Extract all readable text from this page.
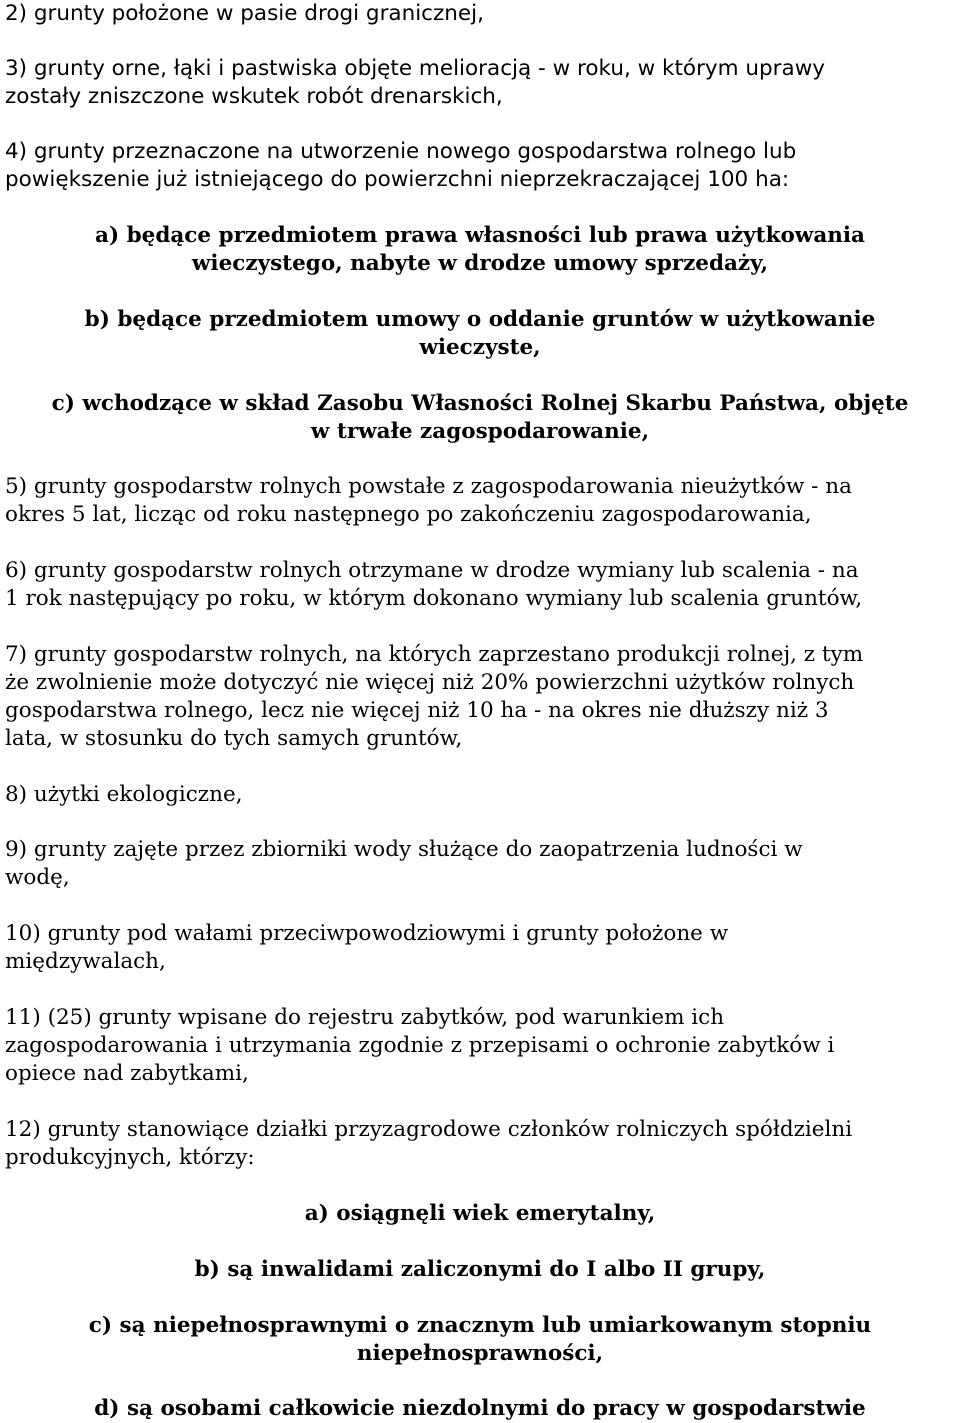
2) grunty położone w pasie drogi granicznej,
3) grunty orne, łąki i pastwiska objęte melioracją - w roku, w którym uprawy
zostały zniszczone wskutek robót drenarskich,
4) grunty przeznaczone na utworzenie nowego gospodarstwa rolnego lub
powiększenie już istniejącego do powierzchni nieprzekraczającej 100 ha:
a) będące przedmiotem prawa własności lub prawa użytkowania
wieczystego, nabyte w drodze umowy sprzedaży,
b) będące przedmiotem umowy o oddanie gruntów w użytkowanie
wieczyste,
c) wchodzące w skład Zasobu Własności Rolnej Skarbu Państwa, objęte
w trwałe zagospodarowanie,
5) grunty gospodarstw rolnych powstałe z zagospodarowania nieużytków - na
okres 5 lat, licząc od roku następnego po zakończeniu zagospodarowania,
6) grunty gospodarstw rolnych otrzymane w drodze wymiany lub scalenia - na
1 rok następujący po roku, w którym dokonano wymiany lub scalenia gruntów,
7) grunty gospodarstw rolnych, na których zaprzestano produkcji rolnej, z tym
że zwolnienie może dotyczyć nie więcej niż 20% powierzchni użytków rolnych
gospodarstwa rolnego, lecz nie więcej niż 10 ha - na okres nie dłuższy niż 3
lata, w stosunku do tych samych gruntów,
8) użytki ekologiczne,
9) grunty zajęte przez zbiorniki wody służące do zaopatrzenia ludności w
wodę,
10) grunty pod wałami przeciwpowodziowymi i grunty położone w
międzywalach,
11) (25) grunty wpisane do rejestru zabytków, pod warunkiem ich
zagospodarowania i utrzymania zgodnie z przepisami o ochronie zabytków i
opiece nad zabytkami,
12) grunty stanowiące działki przyzagrodowe członków rolniczych spółdzielni
produkcyjnych, którzy:
a) osiągnęli wiek emerytalny,
b) są inwalidami zaliczonymi do I albo II grupy,
c) są niepełnosprawnymi o znacznym lub umiarkowanym stopniu
niepełnosprawności,
d) są osobami całkowicie niezdolnymi do pracy w gospodarstwie
